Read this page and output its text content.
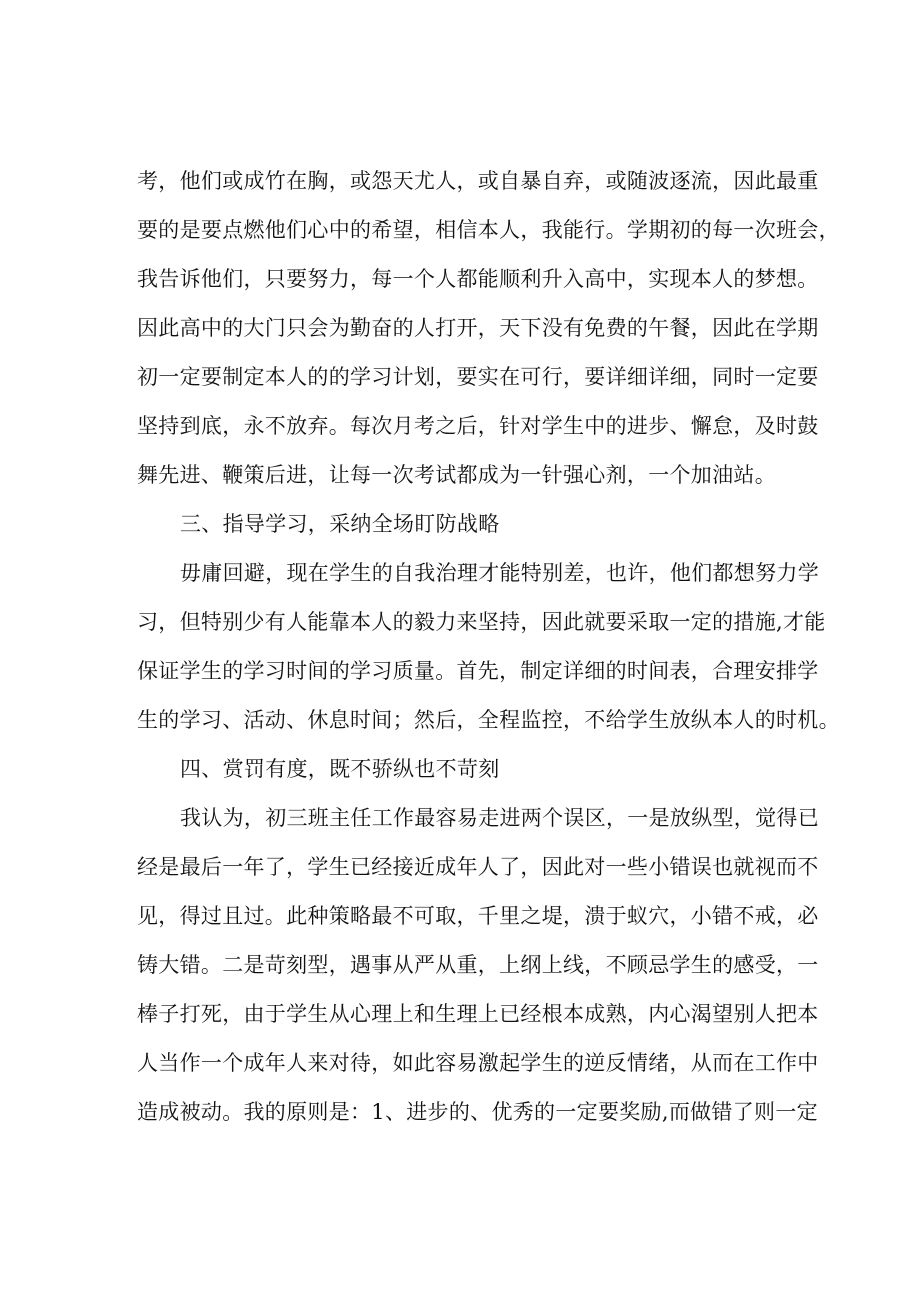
考，他们或成竹在胸，或怨天尤人，或自暴自弃，或随波逐流，因此最重
要的是要点燃他们心中的希望，相信本人，我能行。学期初的每一次班会，
我告诉他们，只要努力，每一个人都能顺利升入高中，实现本人的梦想。
因此高中的大门只会为勤奋的人打开，天下没有免费的午餐，因此在学期
初一定要制定本人的的学习计划，要实在可行，要详细详细，同时一定要
坚持到底，永不放弃。每次月考之后，针对学生中的进步、懈怠，及时鼓
舞先进、鞭策后进，让每一次考试都成为一针强心剂，一个加油站。
三、指导学习，采纳全场盯防战略
毋庸回避，现在学生的自我治理才能特别差，也许，他们都想努力学
习，但特别少有人能靠本人的毅力来坚持，因此就要采取一定的措施,才能
保证学生的学习时间的学习质量。首先，制定详细的时间表，合理安排学
生的学习、活动、休息时间；然后，全程监控，不给学生放纵本人的时机。
四、赏罚有度，既不骄纵也不苛刻
我认为，初三班主任工作最容易走进两个误区，一是放纵型，觉得已
经是最后一年了，学生已经接近成年人了，因此对一些小错误也就视而不
见，得过且过。此种策略最不可取，千里之堤，溃于蚁穴，小错不戒，必
铸大错。二是苛刻型，遇事从严从重，上纲上线，不顾忌学生的感受，一
棒子打死，由于学生从心理上和生理上已经根本成熟，内心渴望别人把本
人当作一个成年人来对待，如此容易激起学生的逆反情绪，从而在工作中
造成被动。我的原则是：1、进步的、优秀的一定要奖励,而做错了则一定
